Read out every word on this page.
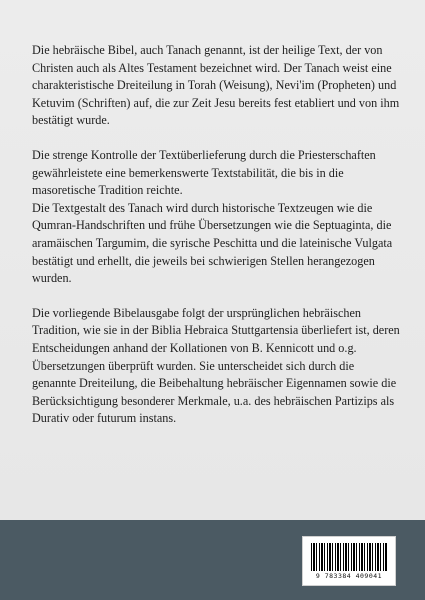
Die hebräische Bibel, auch Tanach genannt, ist der heilige Text, der von Christen auch als Altes Testament bezeichnet wird. Der Tanach weist eine charakteristische Dreiteilung in Torah (Weisung), Nevi'im (Propheten) und Ketuvim (Schriften) auf, die zur Zeit Jesu bereits fest etabliert und von ihm bestätigt wurde.

Die strenge Kontrolle der Textüberlieferung durch die Priesterschaften gewährleistete eine bemerkenswerte Textstabilität, die bis in die masoretische Tradition reichte.

Die Textgestalt des Tanach wird durch historische Textzeugen wie die Qumran-Handschriften und frühe Übersetzungen wie die Septuaginta, die aramäischen Targumim, die syrische Peschitta und die lateinische Vulgata bestätigt und erhellt, die jeweils bei schwierigen Stellen herangezogen wurden.

Die vorliegende Bibelausgabe folgt der ursprünglichen hebräischen Tradition, wie sie in der Biblia Hebraica Stuttgartensia überliefert ist, deren Entscheidungen anhand der Kollationen von B. Kennicott und o.g. Übersetzungen überprüft wurden. Sie unterscheidet sich durch die genannte Dreiteilung, die Beibehaltung hebräischer Eigennamen sowie die Berücksichtigung besonderer Merkmale, u.a. des hebräischen Partizips als Durativ oder futurum instans.

9 783384 409041
